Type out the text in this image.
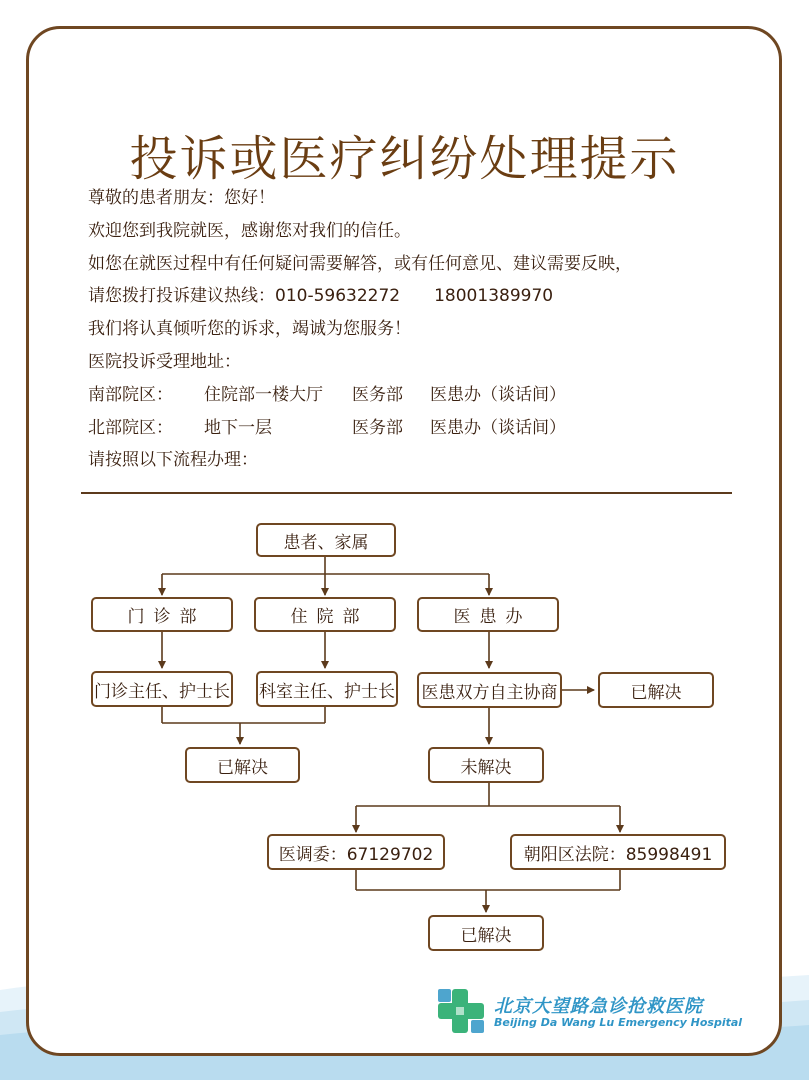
投诉或医疗纠纷处理提示
尊敬的患者朋友：您好！
欢迎您到我院就医，感谢您对我们的信任。
如您在就医过程中有任何疑问需要解答，或有任何意见、建议需要反映，
请您拨打投诉建议热线：010-59632272 18001389970
我们将认真倾听您的诉求，竭诚为您服务！
医院投诉受理地址：
南部院区： 住院部一楼大厅 医务部 医患办（谈话间）
北部院区： 地下一层	医务部 医患办（谈话间）
请按照以下流程办理：
患者、家属
门诊部	住院部	医患办
门诊主任、护士长 科室主任、护士长 医患双方自主协商	已解决
已解决	未解决
医调委：67129702	朝阳区法院：85998491
已解决
北京大望路急诊抢救医院
Beijing Da Wang Lu Emergency Hospital
